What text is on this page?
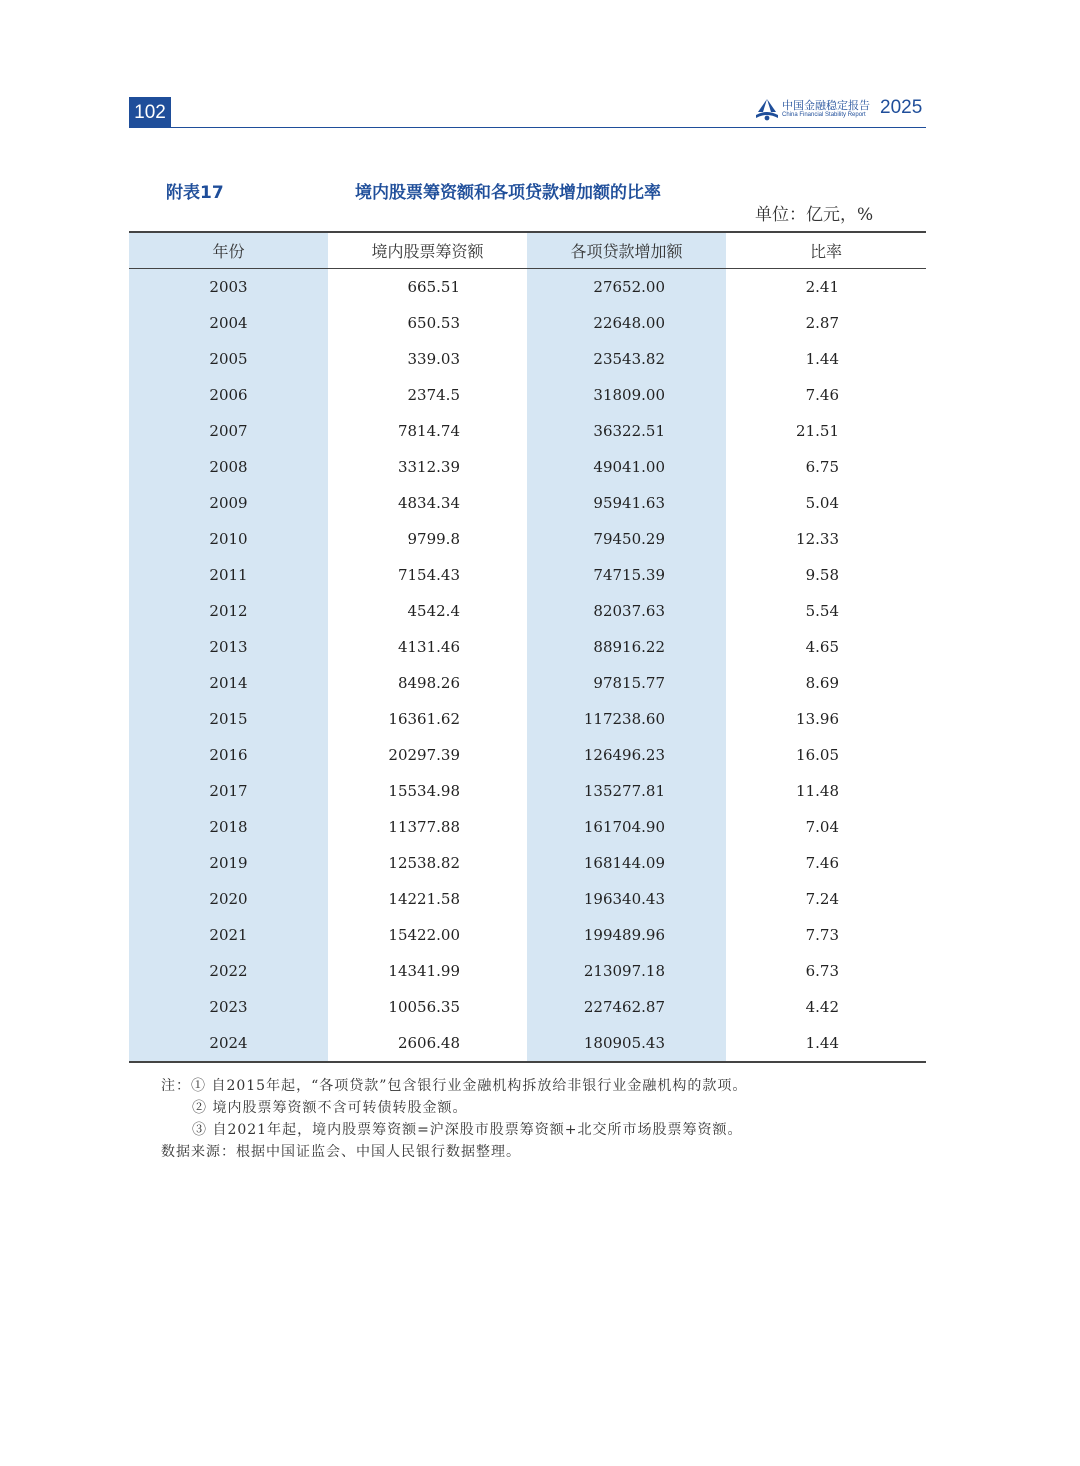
102	中国金融稳定报告
China Financial Stability Report 2025
附表17	境内股票筹资额和各项贷款增加额的比率
单位：亿元，%
年份	境内股票筹资额	各项贷款增加额	比率
2003	665.51	27652.00	2.41
2004	650.53	22648.00	2.87
2005	339.03	23543.82	1.44
2006	2374.5	31809.00	7.46
2007	7814.74	36322.51	21.51
2008	3312.39	49041.00	6.75
2009	4834.34	95941.63	5.04
2010	9799.8	79450.29	12.33
2011	7154.43	74715.39	9.58
2012	4542.4	82037.63	5.54
2013	4131.46	88916.22	4.65
2014	8498.26	97815.77	8.69
2015	16361.62	117238.60	13.96
2016	20297.39	126496.23	16.05
2017	15534.98	135277.81	11.48
2018	11377.88	161704.90	7.04
2019	12538.82	168144.09	7.46
2020	14221.58	196340.43	7.24
2021	15422.00	199489.96	7.73
2022	14341.99	213097.18	6.73
2023	10056.35	227462.87	4.42
2024	2606.48	180905.43	1.44
注：① 自2015年起，“各项贷款”包含银行业金融机构拆放给非银行业金融机构的款项。
② 境内股票筹资额不含可转债转股金额。
③ 自2021年起，境内股票筹资额=沪深股市股票筹资额+北交所市场股票筹资额。
数据来源：根据中国证监会、中国人民银行数据整理。
